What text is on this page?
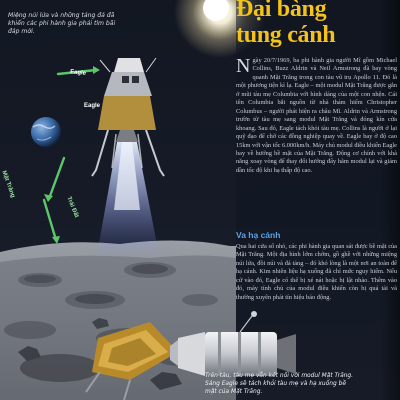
Eagle
Eagle
Mặt Trăng
Trái Đất
Miệng núi lửa và những tảng đá đã khiến các phi hành gia phải tìm bãi đáp mới.
Trên tàu, tàu mẹ vẫn kết nối với modul Mặt Trăng. Sáng Eagle sẽ tách khỏi tàu mẹ và hạ xuống bề mặt của Mặt Trăng.
Đại bàng
tung cánh

Ngày 20/7/1969, ba phi hành gia người Mĩ gồm Michael Collins, Buzz Aldrin và Neil Armstrong đã bay vòng quanh Mặt Trăng trong con tàu vũ trụ Apollo 11. Đó là một phương tiện kì lạ. Eagle – một modul Mặt Trăng được gắn ở mũi tàu mẹ Columbia với hình dáng của một con nhện. Cái tên Columbia bắt nguồn từ nhà thám hiểm Christopher Columbus – người phát hiện ra châu Mĩ. Aldrin và Armstrong trườn từ tàu mẹ sang modul Mặt Trăng và đóng kín cửa khoang. Sau đó, Eagle tách khỏi tàu mẹ. Collins là người ở lại quỹ đạo để chờ các đồng nghiệp quay về. Eagle bay ở độ cao 15km với vận tốc 6.000km/h. Máy chủ modul điều khiển Eagle bay về hướng bề mặt của Mặt Trăng. Động cơ chính với khả năng xoay vòng để thay đổi hướng đẩy hãm modul lại và giảm dần tốc độ khi hạ thấp độ cao.

Va hạ cánh

Qua hai cửa sổ nhỏ, các phi hành gia quan sát được bề mặt của Mặt Trăng. Một địa hình lởm chởm, gồ ghề với những miệng núi lửa, đồi núi và đá tảng – đó khó lòng là một nơi an toàn để hạ cánh. Kim nhiên liệu hạ xuống đã chỉ mức nguy hiểm. Nếu cứ vào đó, Eagle có thể bị xé nát hoặc bị lật nhào. Thêm vào đó, máy tính chủ của modul điều khiển còn bị quá tải và thường xuyên phát tín hiệu báo động.
